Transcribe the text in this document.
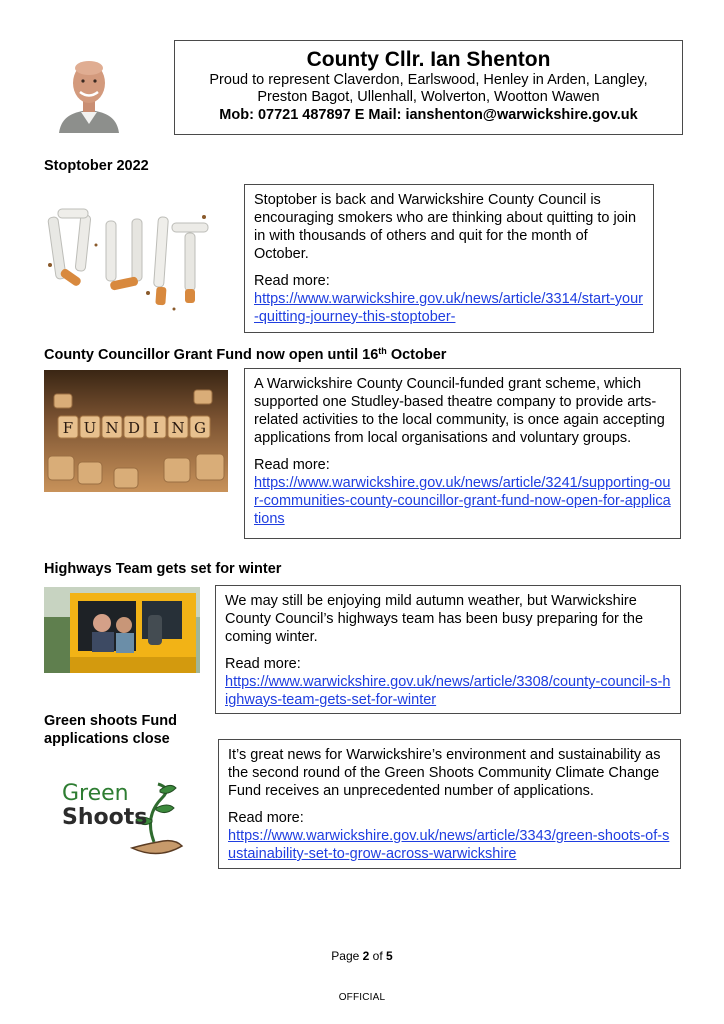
County Cllr. Ian Shenton
Proud to represent Claverdon, Earlswood, Henley in Arden, Langley,
Preston Bagot, Ullenhall, Wolverton, Wootton Wawen
Mob: 07721 487897 E Mail: ianshenton@warwickshire.gov.uk
Stoptober 2022

Stoptober is back and Warwickshire County Council is encouraging smokers who are thinking about quitting to join in with thousands of others and quit for the month of October.

Read more:

https://www.warwickshire.gov.uk/news/article/3314/start-your-quitting-journey-this-stoptober-

County Councillor Grant Fund now open until 16th October
F U N D I N G

A Warwickshire County Council-funded grant scheme, which supported one Studley-based theatre company to provide arts-related activities to the local community, is once again accepting applications from local organisations and voluntary groups.

Read more:

https://www.warwickshire.gov.uk/news/article/3241/supporting-our-communities-county-councillor-grant-fund-now-open-for-applications

Highways Team gets set for winter

We may still be enjoying mild autumn weather, but Warwickshire County Council’s highways team has been busy preparing for the coming winter.

Read more:

https://www.warwickshire.gov.uk/news/article/3308/county-council-s-highways-team-gets-set-for-winter

Green shoots Fund
applications close
Green
Shoots

It’s great news for Warwickshire’s environment and sustainability as the second round of the Green Shoots Community Climate Change Fund receives an unprecedented number of applications.

Read more:

https://www.warwickshire.gov.uk/news/article/3343/green-shoots-of-sustainability-set-to-grow-across-warwickshire

Page 2 of 5
OFFICIAL
